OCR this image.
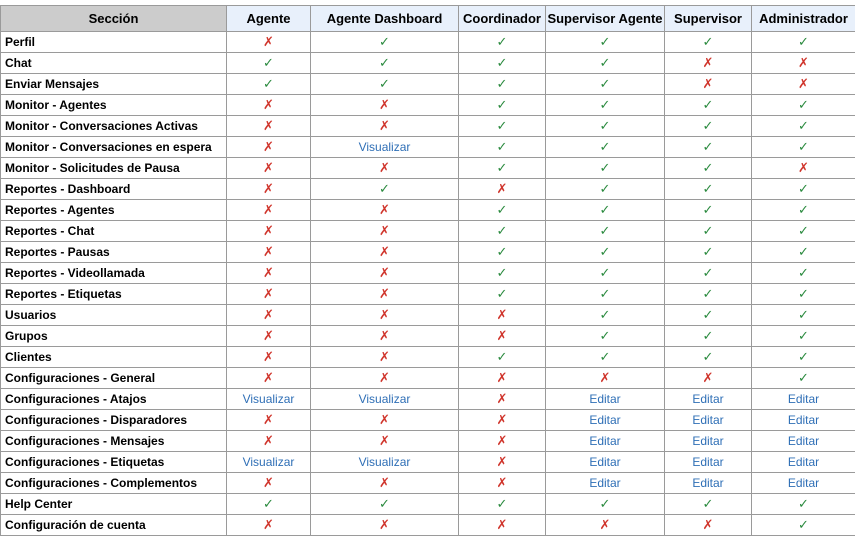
Sección	Agente	Agente Dashboard	Coordinador	Supervisor Agente	Supervisor	Administrador
Perfil	✗	✓	✓	✓	✓	✓
Chat	✓	✓	✓	✓	✗	✗
Enviar Mensajes	✓	✓	✓	✓	✗	✗
Monitor - Agentes	✗	✗	✓	✓	✓	✓
Monitor - Conversaciones Activas	✗	✗	✓	✓	✓	✓
Monitor - Conversaciones en espera	✗	Visualizar	✓	✓	✓	✓
Monitor - Solicitudes de Pausa	✗	✗	✓	✓	✓	✗
Reportes - Dashboard	✗	✓	✗	✓	✓	✓
Reportes - Agentes	✗	✗	✓	✓	✓	✓
Reportes - Chat	✗	✗	✓	✓	✓	✓
Reportes - Pausas	✗	✗	✓	✓	✓	✓
Reportes - Videollamada	✗	✗	✓	✓	✓	✓
Reportes - Etiquetas	✗	✗	✓	✓	✓	✓
Usuarios	✗	✗	✗	✓	✓	✓
Grupos	✗	✗	✗	✓	✓	✓
Clientes	✗	✗	✓	✓	✓	✓
Configuraciones - General	✗	✗	✗	✗	✗	✓
Configuraciones - Atajos	Visualizar	Visualizar	✗	Editar	Editar	Editar
Configuraciones - Disparadores	✗	✗	✗	Editar	Editar	Editar
Configuraciones - Mensajes	✗	✗	✗	Editar	Editar	Editar
Configuraciones - Etiquetas	Visualizar	Visualizar	✗	Editar	Editar	Editar
Configuraciones - Complementos	✗	✗	✗	Editar	Editar	Editar
Help Center	✓	✓	✓	✓	✓	✓
Configuración de cuenta	✗	✗	✗	✗	✗	✓
